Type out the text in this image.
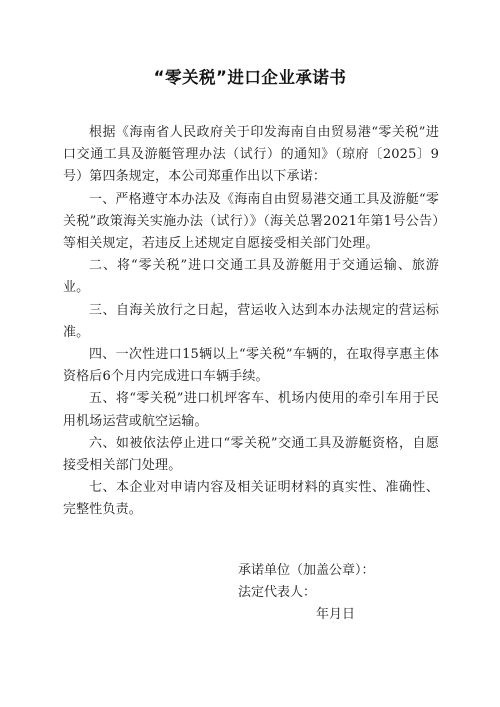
“零关税”进口企业承诺书

根据《海南省人民政府关于印发海南自由贸易港“零关税”进口交通工具及游艇管理办法（试行）的通知》（琼府〔2025〕9号）第四条规定，本公司郑重作出以下承诺：

一、严格遵守本办法及《海南自由贸易港交通工具及游艇“零关税”政策海关实施办法（试行）》（海关总署2021年第1号公告）等相关规定，若违反上述规定自愿接受相关部门处理。

二、将“零关税”进口交通工具及游艇用于交通运输、旅游业。

三、自海关放行之日起，营运收入达到本办法规定的营运标准。

四、一次性进口15辆以上“零关税”车辆的，在取得享惠主体资格后6个月内完成进口车辆手续。

五、将“零关税”进口机坪客车、机场内使用的牵引车用于民用机场运营或航空运输。

六、如被依法停止进口“零关税”交通工具及游艇资格，自愿接受相关部门处理。

七、本企业对申请内容及相关证明材料的真实性、准确性、完整性负责。

承诺单位（加盖公章）：
法定代表人：
年月日
